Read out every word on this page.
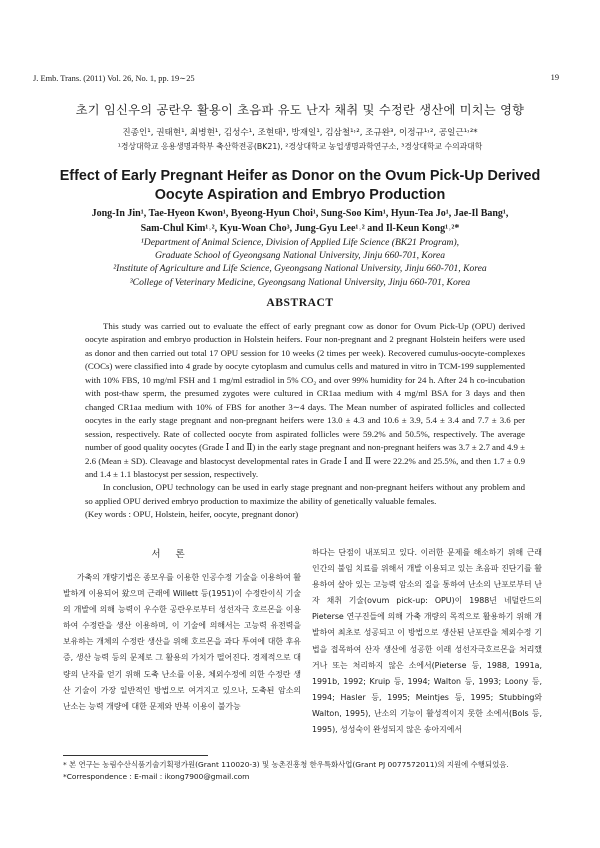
J. Emb. Trans. (2011) Vol. 26, No. 1, pp. 19∼25	19
초기 임신우의 공란우 활용이 초음파 유도 난자 채취 및 수정란 생산에 미치는 영향
진종인¹, 권태현¹, 최병현¹, 김성수¹, 조현태¹, 방재일¹, 김삼철¹˒², 조규완³, 이정규¹˒², 공일근¹˒²*
¹경상대학교 응용생명과학부 축산학전공(BK21), ²경상대학교 농업생명과학연구소, ³경상대학교 수의과대학
Effect of Early Pregnant Heifer as Donor on the Ovum Pick-Up Derived
Oocyte Aspiration and Embryo Production
Jong-In Jin¹, Tae-Hyeon Kwon¹, Byeong-Hyun Choi¹, Sung-Soo Kim¹, Hyun-Tea Jo¹, Jae-Il Bang¹,
Sam-Chul Kim¹˒², Kyu-Woan Cho³, Jung-Gyu Lee¹˒² and Il-Keun Kong¹˒²*
¹Department of Animal Science, Division of Applied Life Science (BK21 Program),
Graduate School of Gyeongsang National University, Jinju 660-701, Korea
²Institute of Agriculture and Life Science, Gyeongsang National University, Jinju 660-701, Korea
³College of Veterinary Medicine, Gyeongsang National University, Jinju 660-701, Korea
ABSTRACT

This study was carried out to evaluate the effect of early pregnant cow as donor for Ovum Pick-Up (OPU) derived oocyte aspiration and embryo production in Holstein heifers. Four non-pregnant and 2 pregnant Holstein heifers were used as donor and then carried out total 17 OPU session for 10 weeks (2 times per week). Recovered cumulus-oocyte-complexes (COCs) were classified into 4 grade by oocyte cytoplasm and cumulus cells and matured in vitro in TCM-199 supplemented with 10% FBS, 10 mg/ml FSH and 1 mg/ml estradiol in 5% CO₂ and over 99% humidity for 24 h. After 24 h co-incubation with post-thaw sperm, the presumed zygotes were cultured in CR1aa medium with 4 mg/ml BSA for 3 days and then changed CR1aa medium with 10% of FBS for another 3∼4 days. The Mean number of aspirated follicles and collected oocytes in the early stage pregnant and non-pregnant heifers were 13.0 ± 4.3 and 10.6 ± 3.9, 5.4 ± 3.4 and 7.7 ± 3.6 per session, respectively. Rate of collected oocyte from aspirated follicles were 59.2% and 50.5%, respectively. The average number of good quality oocytes (Grade Ⅰ and Ⅱ) in the early stage pregnant and non-pregnant heifers was 3.7 ± 2.7 and 4.9 ± 2.6 (Mean ± SD). Cleavage and blastocyst developmental rates in Grade Ⅰ and Ⅱ were 22.2% and 25.5%, and then 1.7 ± 0.9 and 1.4 ± 1.1 blastocyst per session, respectively.

In conclusion, OPU technology can be used in early stage pregnant and non-pregnant heifers without any problem and so applied OPU derived embryo production to maximize the ability of genetically valuable females.

(Key words : OPU, Holstein, heifer, oocyte, pregnant donor)

서 론

가축의 개량기법은 종모우를 이용한 인공수정 기술을 이용하여 활발하게 이용되어 왔으며 근래에 Willett 등(1951)이 수정란이식 기술의 개발에 의해 능력이 우수한 공란우로부터 성선자극 호르몬을 이용하여 수정란을 생산 이용하며, 이 기술에 의해서는 고능력 유전력을 보유하는 개체의 수정란 생산을 위해 호르몬을 과다 투여에 대한 후유증, 생산 능력 등의 문제로 그 활용의 가치가 떨어진다. 경제적으로 대량의 난자를 얻기 위해 도축 난소를 이용, 체외수정에 의한 수정란 생산 기술이 가장 일반적인 방법으로 여겨지고 있으나, 도축된 암소의 난소는 능력 개량에 대한 문제와 반복 이용이 불가능

하다는 단점이 내포되고 있다. 이러한 문제를 해소하기 위해 근래 인간의 불임 치료를 위해서 개발 이용되고 있는 초음파 진단기를 활용하여 살아 있는 고능력 암소의 질을 통하여 난소의 난포로부터 난자 채취 기술(ovum pick-up: OPU)이 1988년 네덜란드의 Pieterse 연구진들에 의해 가축 개량의 목적으로 활용하기 위해 개발하여 최초로 성공되고 이 방법으로 생산된 난포란을 체외수정 기법을 접목하여 산자 생산에 성공한 이래 성선자극호르몬을 처리했거나 또는 처리하지 않은 소에서(Pieterse 등, 1988, 1991a, 1991b, 1992; Kruip 등, 1994; Walton 등, 1993; Loony 등, 1994; Hasler 등, 1995; Meintjes 등, 1995; Stubbing와 Walton, 1995), 난소의 기능이 활성적이지 못한 소에서(Bols 등, 1995), 성성숙이 완성되지 않은 송아지에서

* 본 연구는 농림수산식품기술기획평가원(Grant 110020-3) 및 농촌진흥청 한우특화사업(Grant PJ 0077572011)의 지원에 수행되었음.
*Correspondence : E-mail : ikong7900@gmail.com
